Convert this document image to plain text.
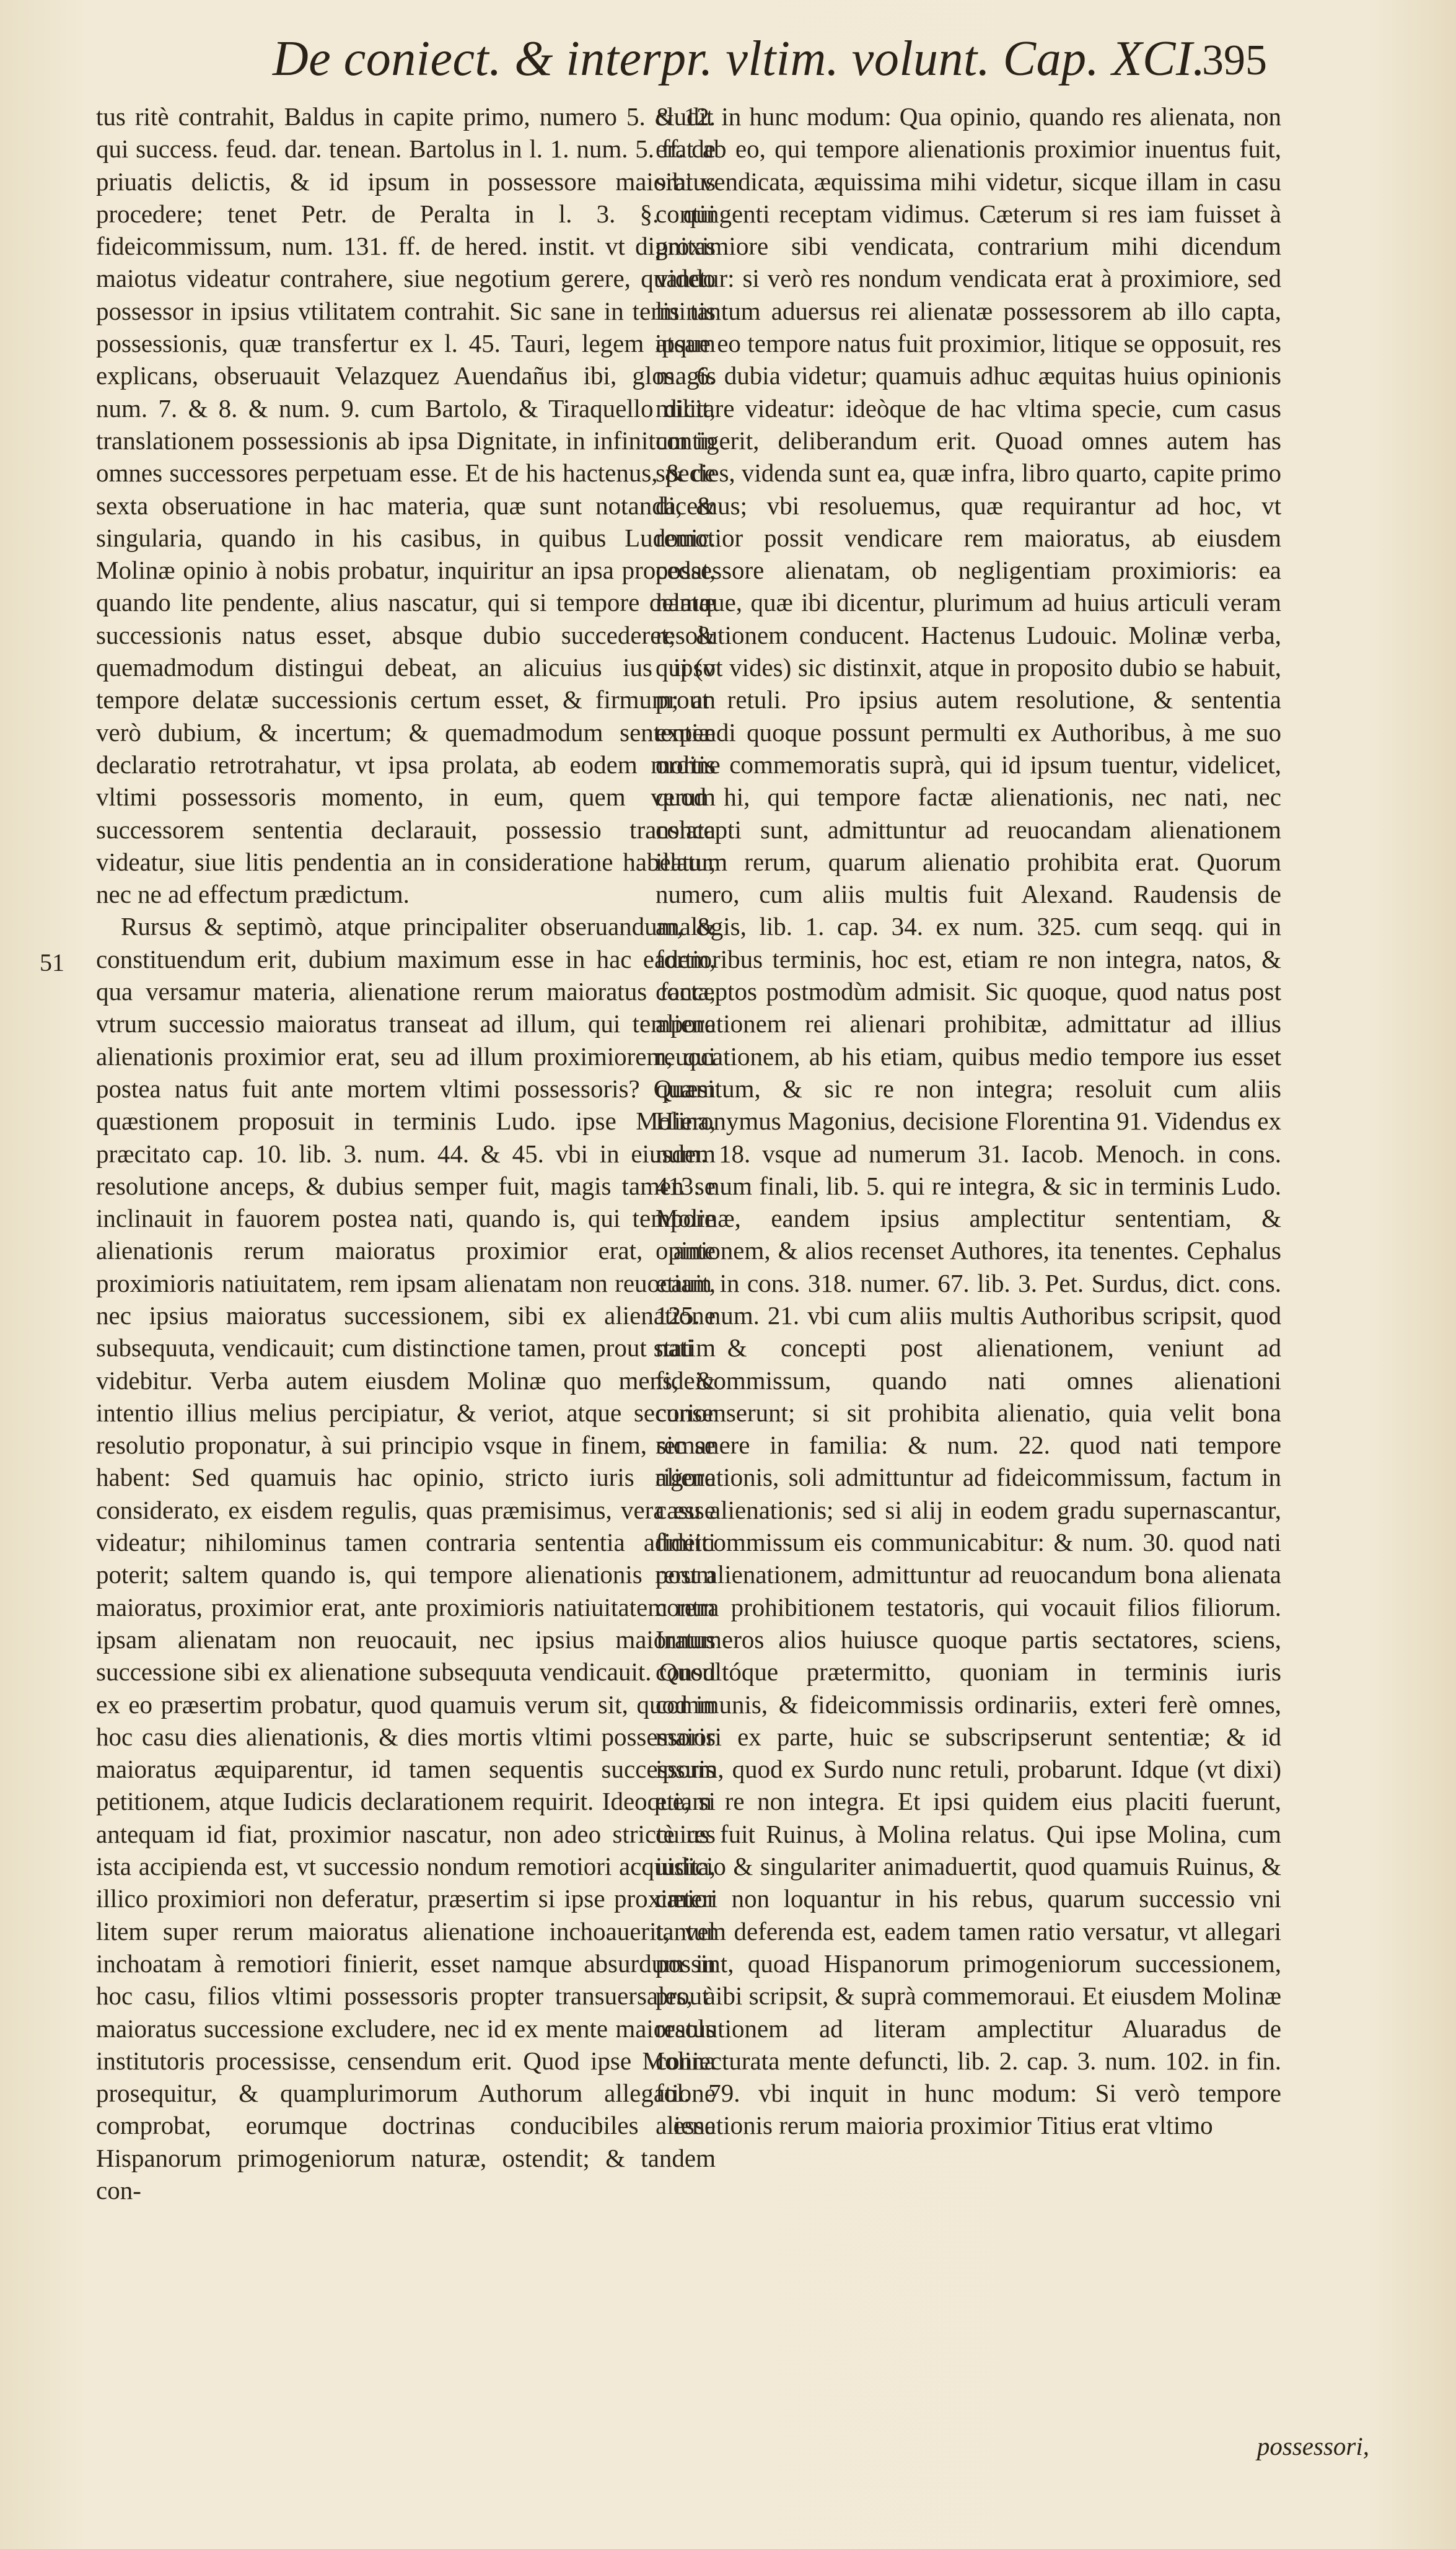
De coniect. & interpr. vltim. volunt. Cap. XCI.
395

tus ritè contrahit, Baldus in capite primo, numero 5. & 12. qui success. feud. dar. tenean. Bartolus in l. 1. num. 5. ff. de priuatis delictis, & id ipsum in possessore maioratus procedere; tenet Petr. de Peralta in l. 3. §. qui fideicommissum, num. 131. ff. de hered. instit. vt dignitas maiotus videatur contrahere, siue negotium gerere, quando possessor in ipsius vtilitatem contrahit. Sic sane in terminis possessionis, quæ transfertur ex l. 45. Tauri, legem ipsam explicans, obseruauit Velazquez Auendañus ibi, glos. 6. num. 7. & 8. & num. 9. cum Bartolo, & Tiraquello dicit, translationem possessionis ab ipsa Dignitate, in infinitum in omnes successores perpetuam esse. Et de his hactenus, & de sexta obseruatione in hac materia, quæ sunt notanda, & singularia, quando in his casibus, in quibus Ludouic. Molinæ opinio à nobis probatur, inquiritur an ipsa procedat, quando lite pendente, alius nascatur, qui si tempore delatæ successionis natus esset, absque dubio succederet; & quemadmodum distingui debeat, an alicuius ius ipso tempore delatæ successionis certum esset, & firmum; an verò dubium, & incertum; & quemadmodum sententiæ declaratio retrotrahatur, vt ipsa prolata, ab eodem mortis vltimi possessoris momento, in eum, quem verum successorem sententia declarauit, possessio translata videatur, siue litis pendentia an in consideratione habeatur, nec ne ad effectum prædictum.

Rursus & septimò, atque principaliter obseruandum, & constituendum erit, dubium maximum esse in hac eadem, qua versamur materia, alienatione rerum maioratus facta, vtrum successio maioratus transeat ad illum, qui tempore alienationis proximior erat, seu ad illum proximiorem, qui postea natus fuit ante mortem vltimi possessoris? Quam quæstionem proposuit in terminis Ludo. ipse Molina, præcitato cap. 10. lib. 3. num. 44. & 45. vbi in eiusdem resolutione anceps, & dubius semper fuit, magis tamen se inclinauit in fauorem postea nati, quando is, qui tempore alienationis rerum maioratus proximior erat, ante proximioris natiuitatem, rem ipsam alienatam non reuocauit, nec ipsius maioratus successionem, sibi ex alienatione subsequuta, vendicauit; cum distinctione tamen, prout statim videbitur. Verba autem eiusdem Molinæ quo mens, & intentio illius melius percipiatur, & veriot, atque securior resolutio proponatur, à sui principio vsque in finem, sic se habent: Sed quamuis hac opinio, stricto iuris rigore considerato, ex eisdem regulis, quas præmisimus, vera esse videatur; nihilominus tamen contraria sententia admitti poterit; saltem quando is, qui tempore alienationis rerum maioratus, proximior erat, ante proximioris natiuitatem rem ipsam alienatam non reuocauit, nec ipsius maioratus successione sibi ex alienatione subsequuta vendicauit. Quod ex eo præsertim probatur, quod quamuis verum sit, quod in hoc casu dies alienationis, & dies mortis vltimi possessoris maioratus æquiparentur, id tamen sequentis successoris petitionem, atque Iudicis declarationem requirit. Ideoque, si antequam id fiat, proximior nascatur, non adeo strictè res ista accipienda est, vt successio nondum remotiori acquisita, illico proximiori non deferatur, præsertim si ipse proximior litem super rerum maioratus alienatione inchoauerit, vel inchoatam à remotiori finierit, esset namque absurdum in hoc casu, filios vltimi possessoris propter transuersales, à maioratus successione excludere, nec id ex mente maioratus institutoris processisse, censendum erit. Quod ipse Molina prosequitur, & quamplurimorum Authorum allegatione comprobat, eorumque doctrinas conducibiles esse Hispanorum primogeniorum naturæ, ostendit; & tandem con-

51

cludit in hunc modum: Qua opinio, quando res alienata, non erat ab eo, qui tempore alienationis proximior inuentus fuit, sibi vendicata, æquissima mihi videtur, sicque illam in casu contingenti receptam vidimus. Cæterum si res iam fuisset à proximiore sibi vendicata, contrarium mihi dicendum videtur: si verò res nondum vendicata erat à proximiore, sed lis tantum aduersus rei alienatæ possessorem ab illo capta, atque eo tempore natus fuit proximior, litique se opposuit, res magis dubia videtur; quamuis adhuc æquitas huius opinionis militare videatur: ideòque de hac vltima specie, cum casus contigerit, deliberandum erit. Quoad omnes autem has species, videnda sunt ea, quæ infra, libro quarto, capite primo dicemus; vbi resoluemus, quæ requirantur ad hoc, vt remotior possit vendicare rem maioratus, ab eiusdem possessore alienatam, ob negligentiam proximioris: ea namque, quæ ibi dicentur, plurimum ad huius articuli veram resolutionem conducent. Hactenus Ludouic. Molinæ verba, qui (vt vides) sic distinxit, atque in proposito dubio se habuit, prout retuli. Pro ipsius autem resolutione, & sententia expendi quoque possunt permulti ex Authoribus, à me suo ordine commemoratis suprà, qui id ipsum tuentur, videlicet, quod hi, qui tempore factæ alienationis, nec nati, nec concepti sunt, admittuntur ad reuocandam alienationem illatum rerum, quarum alienatio prohibita erat. Quorum numero, cum aliis multis fuit Alexand. Raudensis de analogis, lib. 1. cap. 34. ex num. 325. cum seqq. qui in fortioribus terminis, hoc est, etiam re non integra, natos, & conceptos postmodùm admisit. Sic quoque, quod natus post alienationem rei alienari prohibitæ, admittatur ad illius reuocationem, ab his etiam, quibus medio tempore ius esset quæsitum, & sic re non integra; resoluit cum aliis Hieronymus Magonius, decisione Florentina 91. Videndus ex num. 18. vsque ad numerum 31. Iacob. Menoch. in cons. 413. num finali, lib. 5. qui re integra, & sic in terminis Ludo. Molinæ, eandem ipsius amplectitur sententiam, & opinionem, & alios recenset Authores, ita tenentes. Cephalus etiam in cons. 318. numer. 67. lib. 3. Pet. Surdus, dict. cons. 125. num. 21. vbi cum aliis multis Authoribus scripsit, quod nati & concepti post alienationem, veniunt ad fideicommissum, quando nati omnes alienationi consenserunt; si sit prohibita alienatio, quia velit bona remanere in familia: & num. 22. quod nati tempore alienationis, soli admittuntur ad fideicommissum, factum in casu alienationis; sed si alij in eodem gradu supernascantur, fideicommissum eis communicabitur: & num. 30. quod nati post alienationem, admittuntur ad reuocandum bona alienata contra prohibitionem testatoris, qui vocauit filios filiorum. Innumeros alios huiusce quoque partis sectatores, sciens, consultóque prætermitto, quoniam in terminis iuris communis, & fideicommissis ordinariis, exteri ferè omnes, maiori ex parte, huic se subscripserunt sententiæ; & id ipsum, quod ex Surdo nunc retuli, probarunt. Idque (vt dixi) etiam re non integra. Et ipsi quidem eius placiti fuerunt, cuius fuit Ruinus, à Molina relatus. Qui ipse Molina, cum iudicio & singulariter animaduertit, quod quamuis Ruinus, & cæteri non loquantur in his rebus, quarum successio vni tantum deferenda est, eadem tamen ratio versatur, vt allegari possint, quoad Hispanorum primogeniorum successionem, prout ibi scripsit, & suprà commemoraui. Et eiusdem Molinæ resolutionem ad literam amplectitur Aluaradus de coniecturata mente defuncti, lib. 2. cap. 3. num. 102. in fin. fol. 79. vbi inquit in hunc modum: Si verò tempore alienationis rerum maioria proximior Titius erat vltimo

possessori,
